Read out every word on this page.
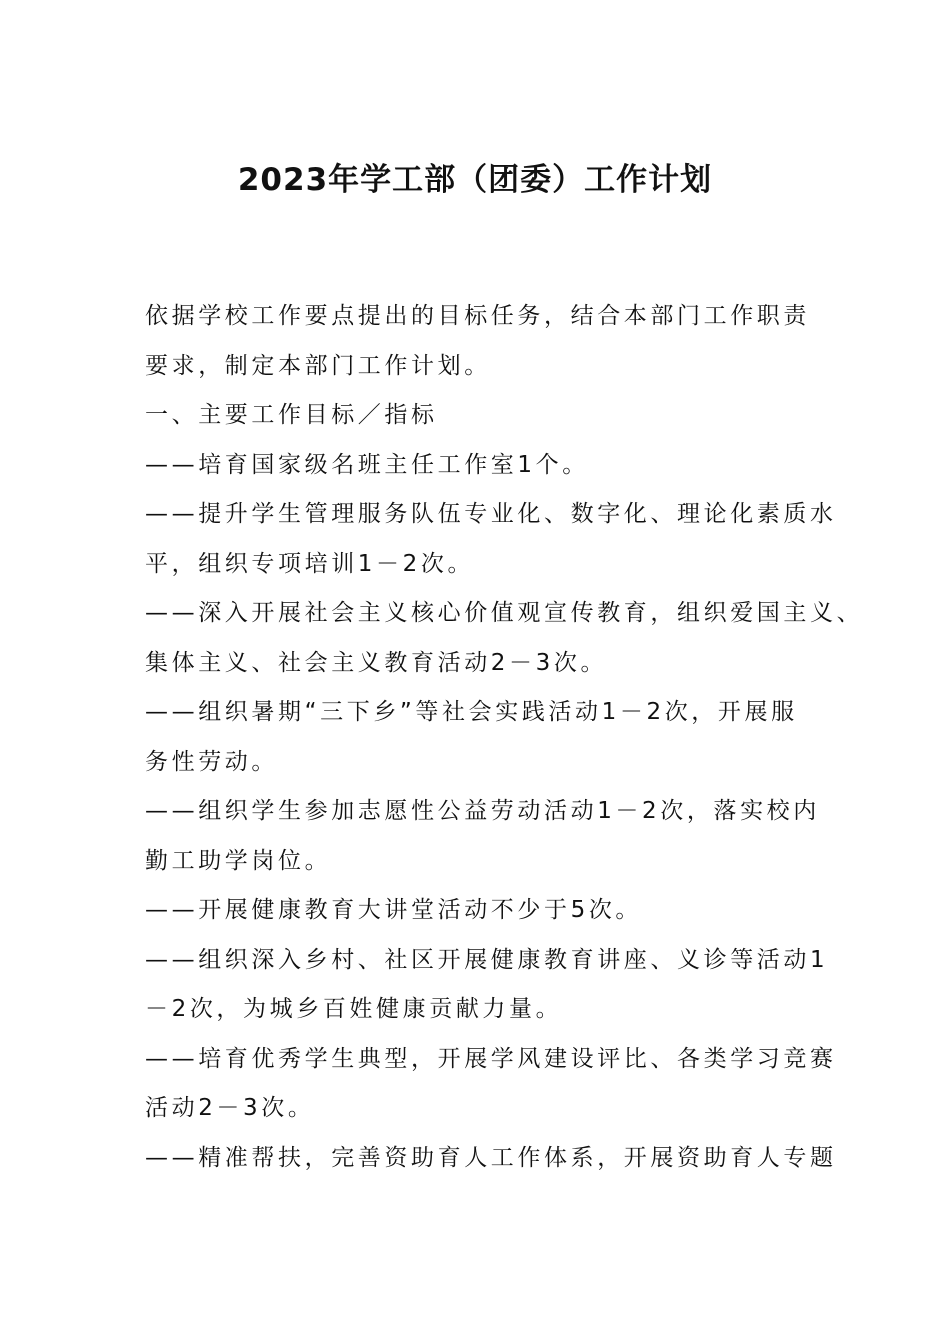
2023年学工部（团委）工作计划
依据学校工作要点提出的目标任务，结合本部门工作职责
要求，制定本部门工作计划。
一、主要工作目标／指标
——培育国家级名班主任工作室1个。
——提升学生管理服务队伍专业化、数字化、理论化素质水
平，组织专项培训1－2次。
——深入开展社会主义核心价值观宣传教育，组织爱国主义、
集体主义、社会主义教育活动2－3次。
——组织暑期“三下乡”等社会实践活动1－2次，开展服
务性劳动。
——组织学生参加志愿性公益劳动活动1－2次，落实校内
勤工助学岗位。
——开展健康教育大讲堂活动不少于5次。
——组织深入乡村、社区开展健康教育讲座、义诊等活动1
－2次，为城乡百姓健康贡献力量。
——培育优秀学生典型，开展学风建设评比、各类学习竞赛
活动2－3次。
——精准帮扶，完善资助育人工作体系，开展资助育人专题
